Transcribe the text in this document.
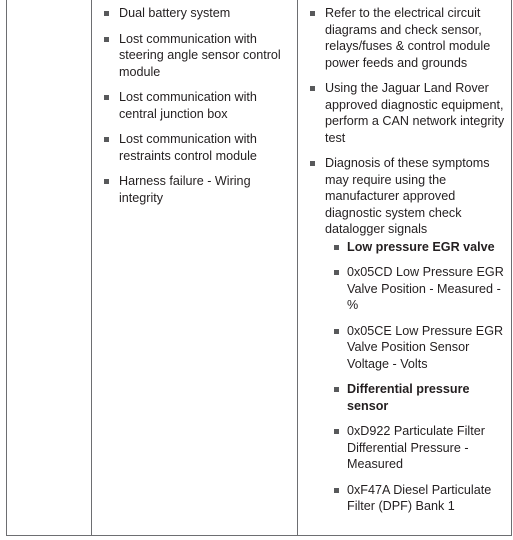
Dual battery system
Lost communication with steering angle sensor control module
Lost communication with central junction box
Lost communication with restraints control module
Harness failure - Wiring integrity
Refer to the electrical circuit diagrams and check sensor, relays/fuses & control module power feeds and grounds
Using the Jaguar Land Rover approved diagnostic equipment, perform a CAN network integrity test
Diagnosis of these symptoms may require using the manufacturer approved diagnostic system check datalogger signals
Low pressure EGR valve
0x05CD Low Pressure EGR Valve Position - Measured - %
0x05CE Low Pressure EGR Valve Position Sensor Voltage - Volts
Differential pressure sensor
0xD922 Particulate Filter Differential Pressure - Measured
0xF47A Diesel Particulate Filter (DPF) Bank 1
